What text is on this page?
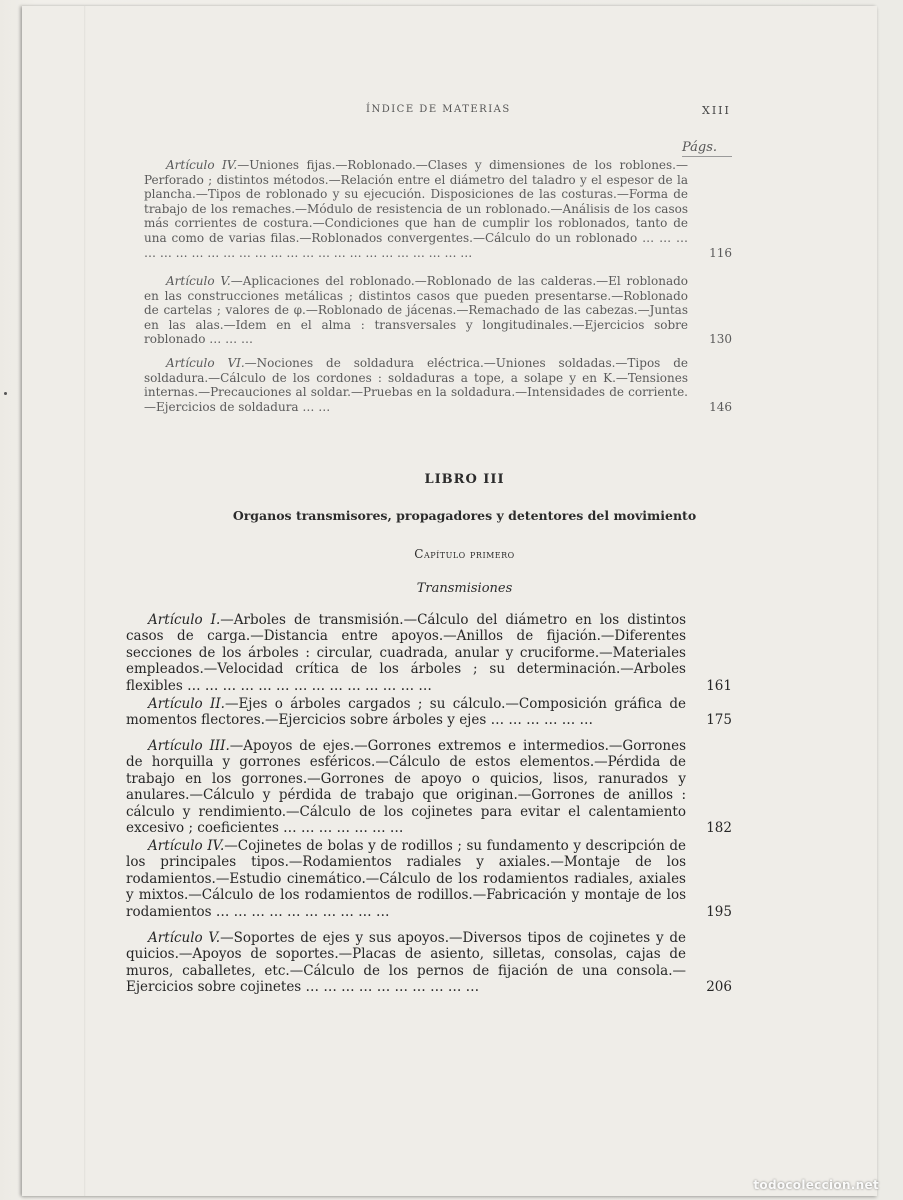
ÍNDICE DE MATERIAS	XIII
Págs.
Artículo IV.—Uniones fijas.—Roblonado.—Clases y dimensiones de los roblones.—Perforado ; distintos métodos.—Relación entre el diámetro del taladro y el espesor de la plancha.—Tipos de roblonado y su ejecución. Disposiciones de las costuras.—Forma de trabajo de los remaches.—Módulo de resistencia de un roblonado.—Análisis de los casos más corrientes de costura.—Condiciones que han de cumplir los roblonados, tanto de una como de varias filas.—Roblonados convergentes.—Cálculo do un roblonado … … … … … … … … … … … … … … … … … … … … … … … …	116
Artículo V.—Aplicaciones del roblonado.—Roblonado de las calderas.—El roblonado en las construcciones metálicas ; distintos casos que pueden presentarse.—Roblonado de cartelas ; valores de φ.—Roblonado de jácenas.—Remachado de las cabezas.—Juntas en las alas.—Idem en el alma : transversales y longitudinales.—Ejercicios sobre roblonado … … …	130
Artículo VI.—Nociones de soldadura eléctrica.—Uniones soldadas.—Tipos de soldadura.—Cálculo de los cordones : soldaduras a tope, a solape y en K.—Tensiones internas.—Precauciones al soldar.—Pruebas en la soldadura.—Intensidades de corriente.—Ejercicios de soldadura … …	146
LIBRO III
Organos transmisores, propagadores y detentores del movimiento
Capítulo primero
Transmisiones
Artículo I.—Arboles de transmisión.—Cálculo del diámetro en los distintos casos de carga.—Distancia entre apoyos.—Anillos de fijación.—Diferentes secciones de los árboles : circular, cuadrada, anular y cruciforme.—Materiales empleados.—Velocidad crítica de los árboles ; su determinación.—Arboles flexibles … … … … … … … … … … … … … …	161
Artículo II.—Ejes o árboles cargados ; su cálculo.—Composición gráfica de momentos flectores.—Ejercicios sobre árboles y ejes … … … … … …	175
Artículo III.—Apoyos de ejes.—Gorrones extremos e intermedios.—Gorrones de horquilla y gorrones esféricos.—Cálculo de estos elementos.—Pérdida de trabajo en los gorrones.—Gorrones de apoyo o quicios, lisos, ranurados y anulares.—Cálculo y pérdida de trabajo que originan.—Gorrones de anillos : cálculo y rendimiento.—Cálculo de los cojinetes para evitar el calentamiento excesivo ; coeficientes … … … … … … …	182
Artículo IV.—Cojinetes de bolas y de rodillos ; su fundamento y descripción de los principales tipos.—Rodamientos radiales y axiales.—Montaje de los rodamientos.—Estudio cinemático.—Cálculo de los rodamientos radiales, axiales y mixtos.—Cálculo de los rodamientos de rodillos.—Fabricación y montaje de los rodamientos … … … … … … … … … …	195
Artículo V.—Soportes de ejes y sus apoyos.—Diversos tipos de cojinetes y de quicios.—Apoyos de soportes.—Placas de asiento, silletas, consolas, cajas de muros, caballetes, etc.—Cálculo de los pernos de fijación de una consola.—Ejercicios sobre cojinetes … … … … … … … … … …	206
todocoleccion.net
